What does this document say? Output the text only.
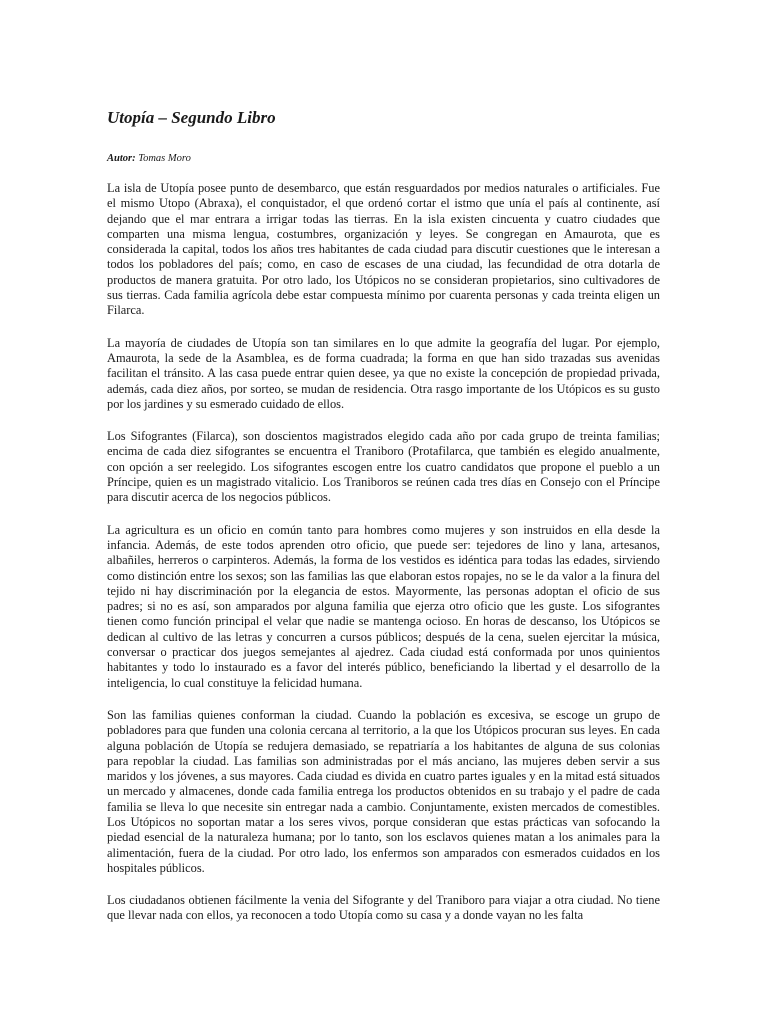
Utopía – Segundo Libro
Autor: Tomas Moro

La isla de Utopía posee punto de desembarco, que están resguardados por medios naturales o artificiales. Fue el mismo Utopo (Abraxa), el conquistador, el que ordenó cortar el istmo que unía el país al continente, así dejando que el mar entrara a irrigar todas las tierras. En la isla existen cincuenta y cuatro ciudades que comparten una misma lengua, costumbres, organización y leyes. Se congregan en Amaurota, que es considerada la capital, todos los años tres habitantes de cada ciudad para discutir cuestiones que le interesan a todos los pobladores del país; como, en caso de escases de una ciudad, las fecundidad de otra dotarla de productos de manera gratuita. Por otro lado, los Utópicos no se consideran propietarios, sino cultivadores de sus tierras. Cada familia agrícola debe estar compuesta mínimo por cuarenta personas y cada treinta eligen un Filarca.

La mayoría de ciudades de Utopía son tan similares en lo que admite la geografía del lugar. Por ejemplo, Amaurota, la sede de la Asamblea, es de forma cuadrada; la forma en que han sido trazadas sus avenidas facilitan el tránsito. A las casa puede entrar quien desee, ya que no existe la concepción de propiedad privada, además, cada diez años, por sorteo, se mudan de residencia. Otra rasgo importante de los Utópicos es su gusto por los jardines y su esmerado cuidado de ellos.

Los Sifograntes (Filarca), son doscientos magistrados elegido cada año por cada grupo de treinta familias; encima de cada diez sifograntes se encuentra el Traniboro (Protafilarca, que también es elegido anualmente, con opción a ser reelegido. Los sifograntes escogen entre los cuatro candidatos que propone el pueblo a un Príncipe, quien es un magistrado vitalicio. Los Traniboros se reúnen cada tres días en Consejo con el Príncipe para discutir acerca de los negocios públicos.

La agricultura es un oficio en común tanto para hombres como mujeres y son instruidos en ella desde la infancia. Además, de este todos aprenden otro oficio, que puede ser: tejedores de lino y lana, artesanos, albañiles, herreros o carpinteros. Además, la forma de los vestidos es idéntica para todas las edades, sirviendo como distinción entre los sexos; son las familias las que elaboran estos ropajes, no se le da valor a la finura del tejido ni hay discriminación por la elegancia de estos. Mayormente, las personas adoptan el oficio de sus padres; si no es así, son amparados por alguna familia que ejerza otro oficio que les guste. Los sifograntes tienen como función principal el velar que nadie se mantenga ocioso. En horas de descanso, los Utópicos se dedican al cultivo de las letras y concurren a cursos públicos; después de la cena, suelen ejercitar la música, conversar o practicar dos juegos semejantes al ajedrez. Cada ciudad está conformada por unos quinientos habitantes y todo lo instaurado es a favor del interés público, beneficiando la libertad y el desarrollo de la inteligencia, lo cual constituye la felicidad humana.

Son las familias quienes conforman la ciudad. Cuando la población es excesiva, se escoge un grupo de pobladores para que funden una colonia cercana al territorio, a la que los Utópicos procuran sus leyes. En cada alguna población de Utopía se redujera demasiado, se repatriaría a los habitantes de alguna de sus colonias para repoblar la ciudad. Las familias son administradas por el más anciano, las mujeres deben servir a sus maridos y los jóvenes, a sus mayores. Cada ciudad es divida en cuatro partes iguales y en la mitad está situados un mercado y almacenes, donde cada familia entrega los productos obtenidos en su trabajo y el padre de cada familia se lleva lo que necesite sin entregar nada a cambio. Conjuntamente, existen mercados de comestibles. Los Utópicos no soportan matar a los seres vivos, porque consideran que estas prácticas van sofocando la piedad esencial de la naturaleza humana; por lo tanto, son los esclavos quienes matan a los animales para la alimentación, fuera de la ciudad. Por otro lado, los enfermos son amparados con esmerados cuidados en los hospitales públicos.

Los ciudadanos obtienen fácilmente la venia del Sifogrante y del Traniboro para viajar a otra ciudad. No tiene que llevar nada con ellos, ya reconocen a todo Utopía como su casa y a donde vayan no les falta
